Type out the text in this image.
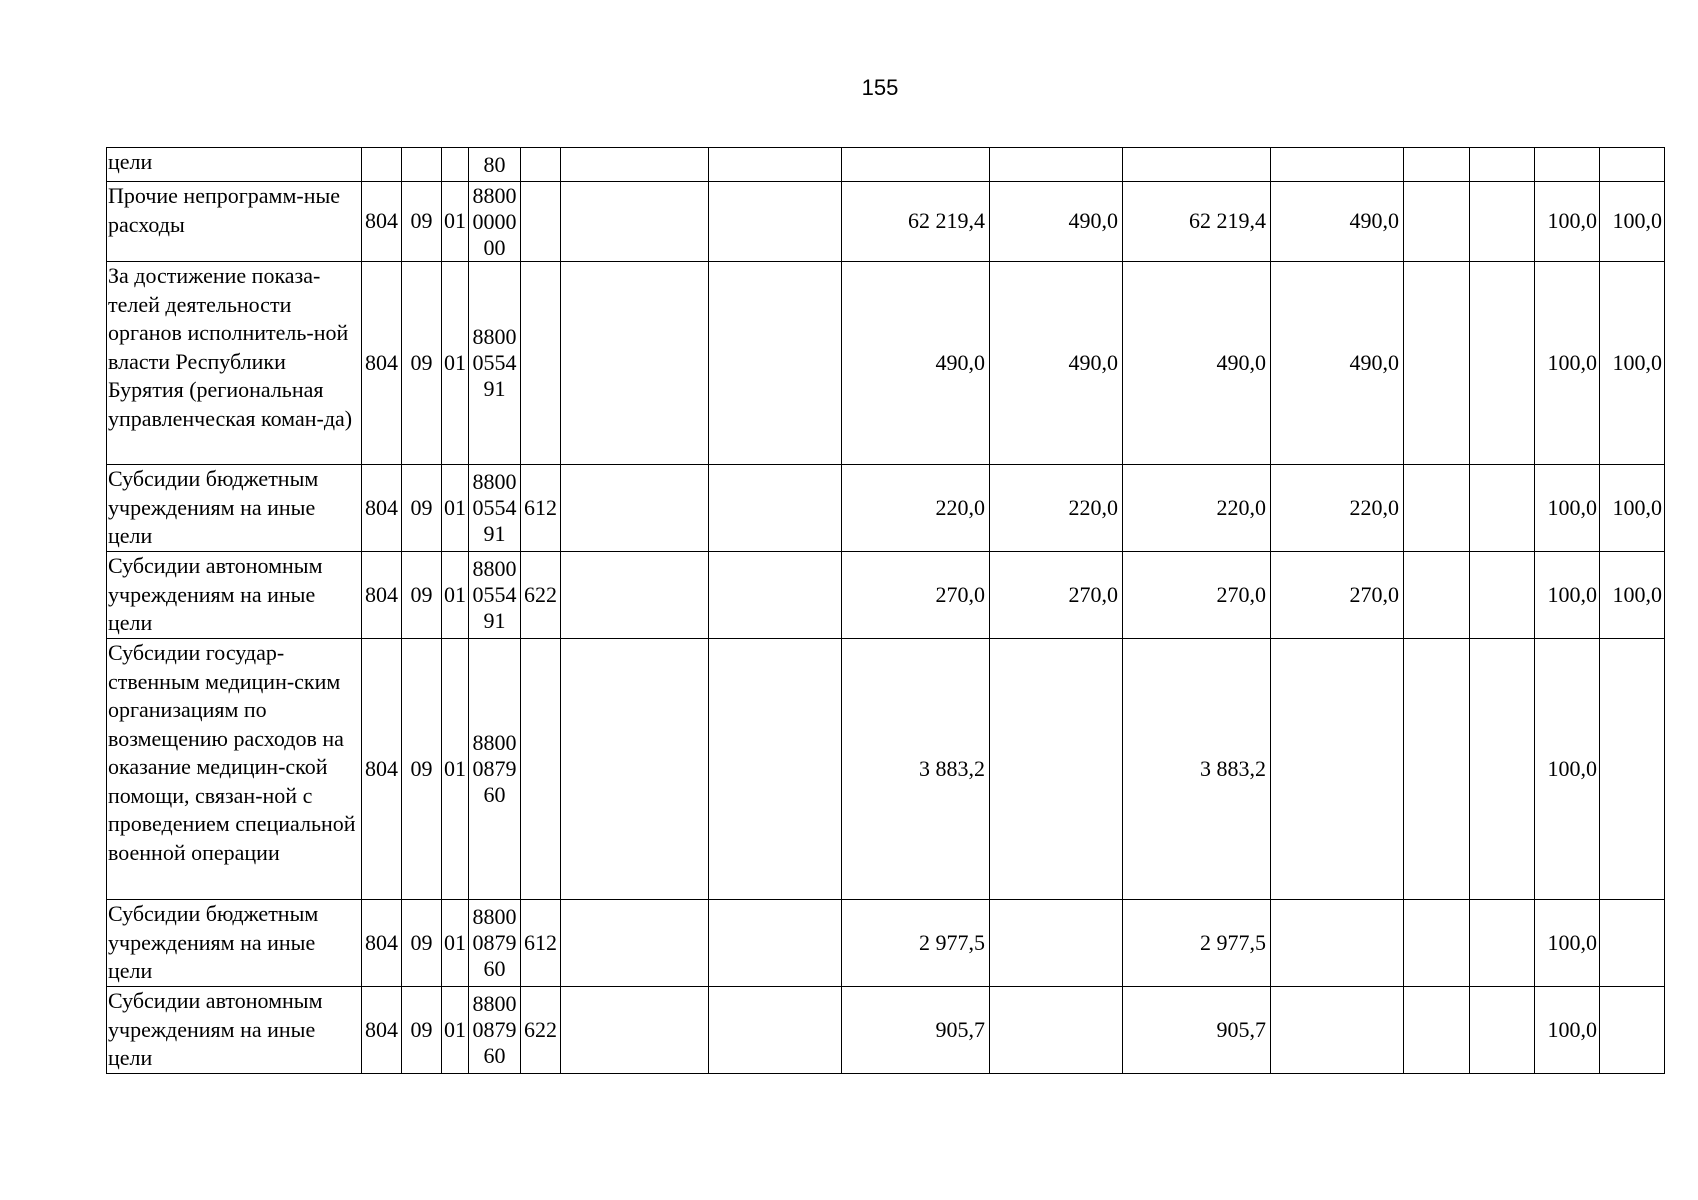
155
цели				80											

Прочие непрограмм-ные расходы	804	09	01	8800
0000
00				62 219,4	490,0	62 219,4	490,0			100,0	100,0
За достижение показа-телей деятельности органов исполнитель-ной власти Республики Бурятия (региональная управленческая коман-да)	804	09	01	8800
0554
91				490,0	490,0	490,0	490,0			100,0	100,0
Субсидии бюджетным учреждениям на иные цели	804	09	01	8800
0554
91	612			220,0	220,0	220,0	220,0			100,0	100,0
Субсидии автономным учреждениям на иные цели	804	09	01	8800
0554
91	622			270,0	270,0	270,0	270,0			100,0	100,0
Субсидии государ-ственным медицин-ским организациям по возмещению расходов на оказание медицин-ской помощи, связан-ной с проведением специальной военной операции	804	09	01	8800
0879
60				3 883,2		3 883,2				100,0	
Субсидии бюджетным учреждениям на иные цели	804	09	01	8800
0879
60	612			2 977,5		2 977,5				100,0	
Субсидии автономным учреждениям на иные цели	804	09	01	8800
0879
60	622			905,7		905,7				100,0	
